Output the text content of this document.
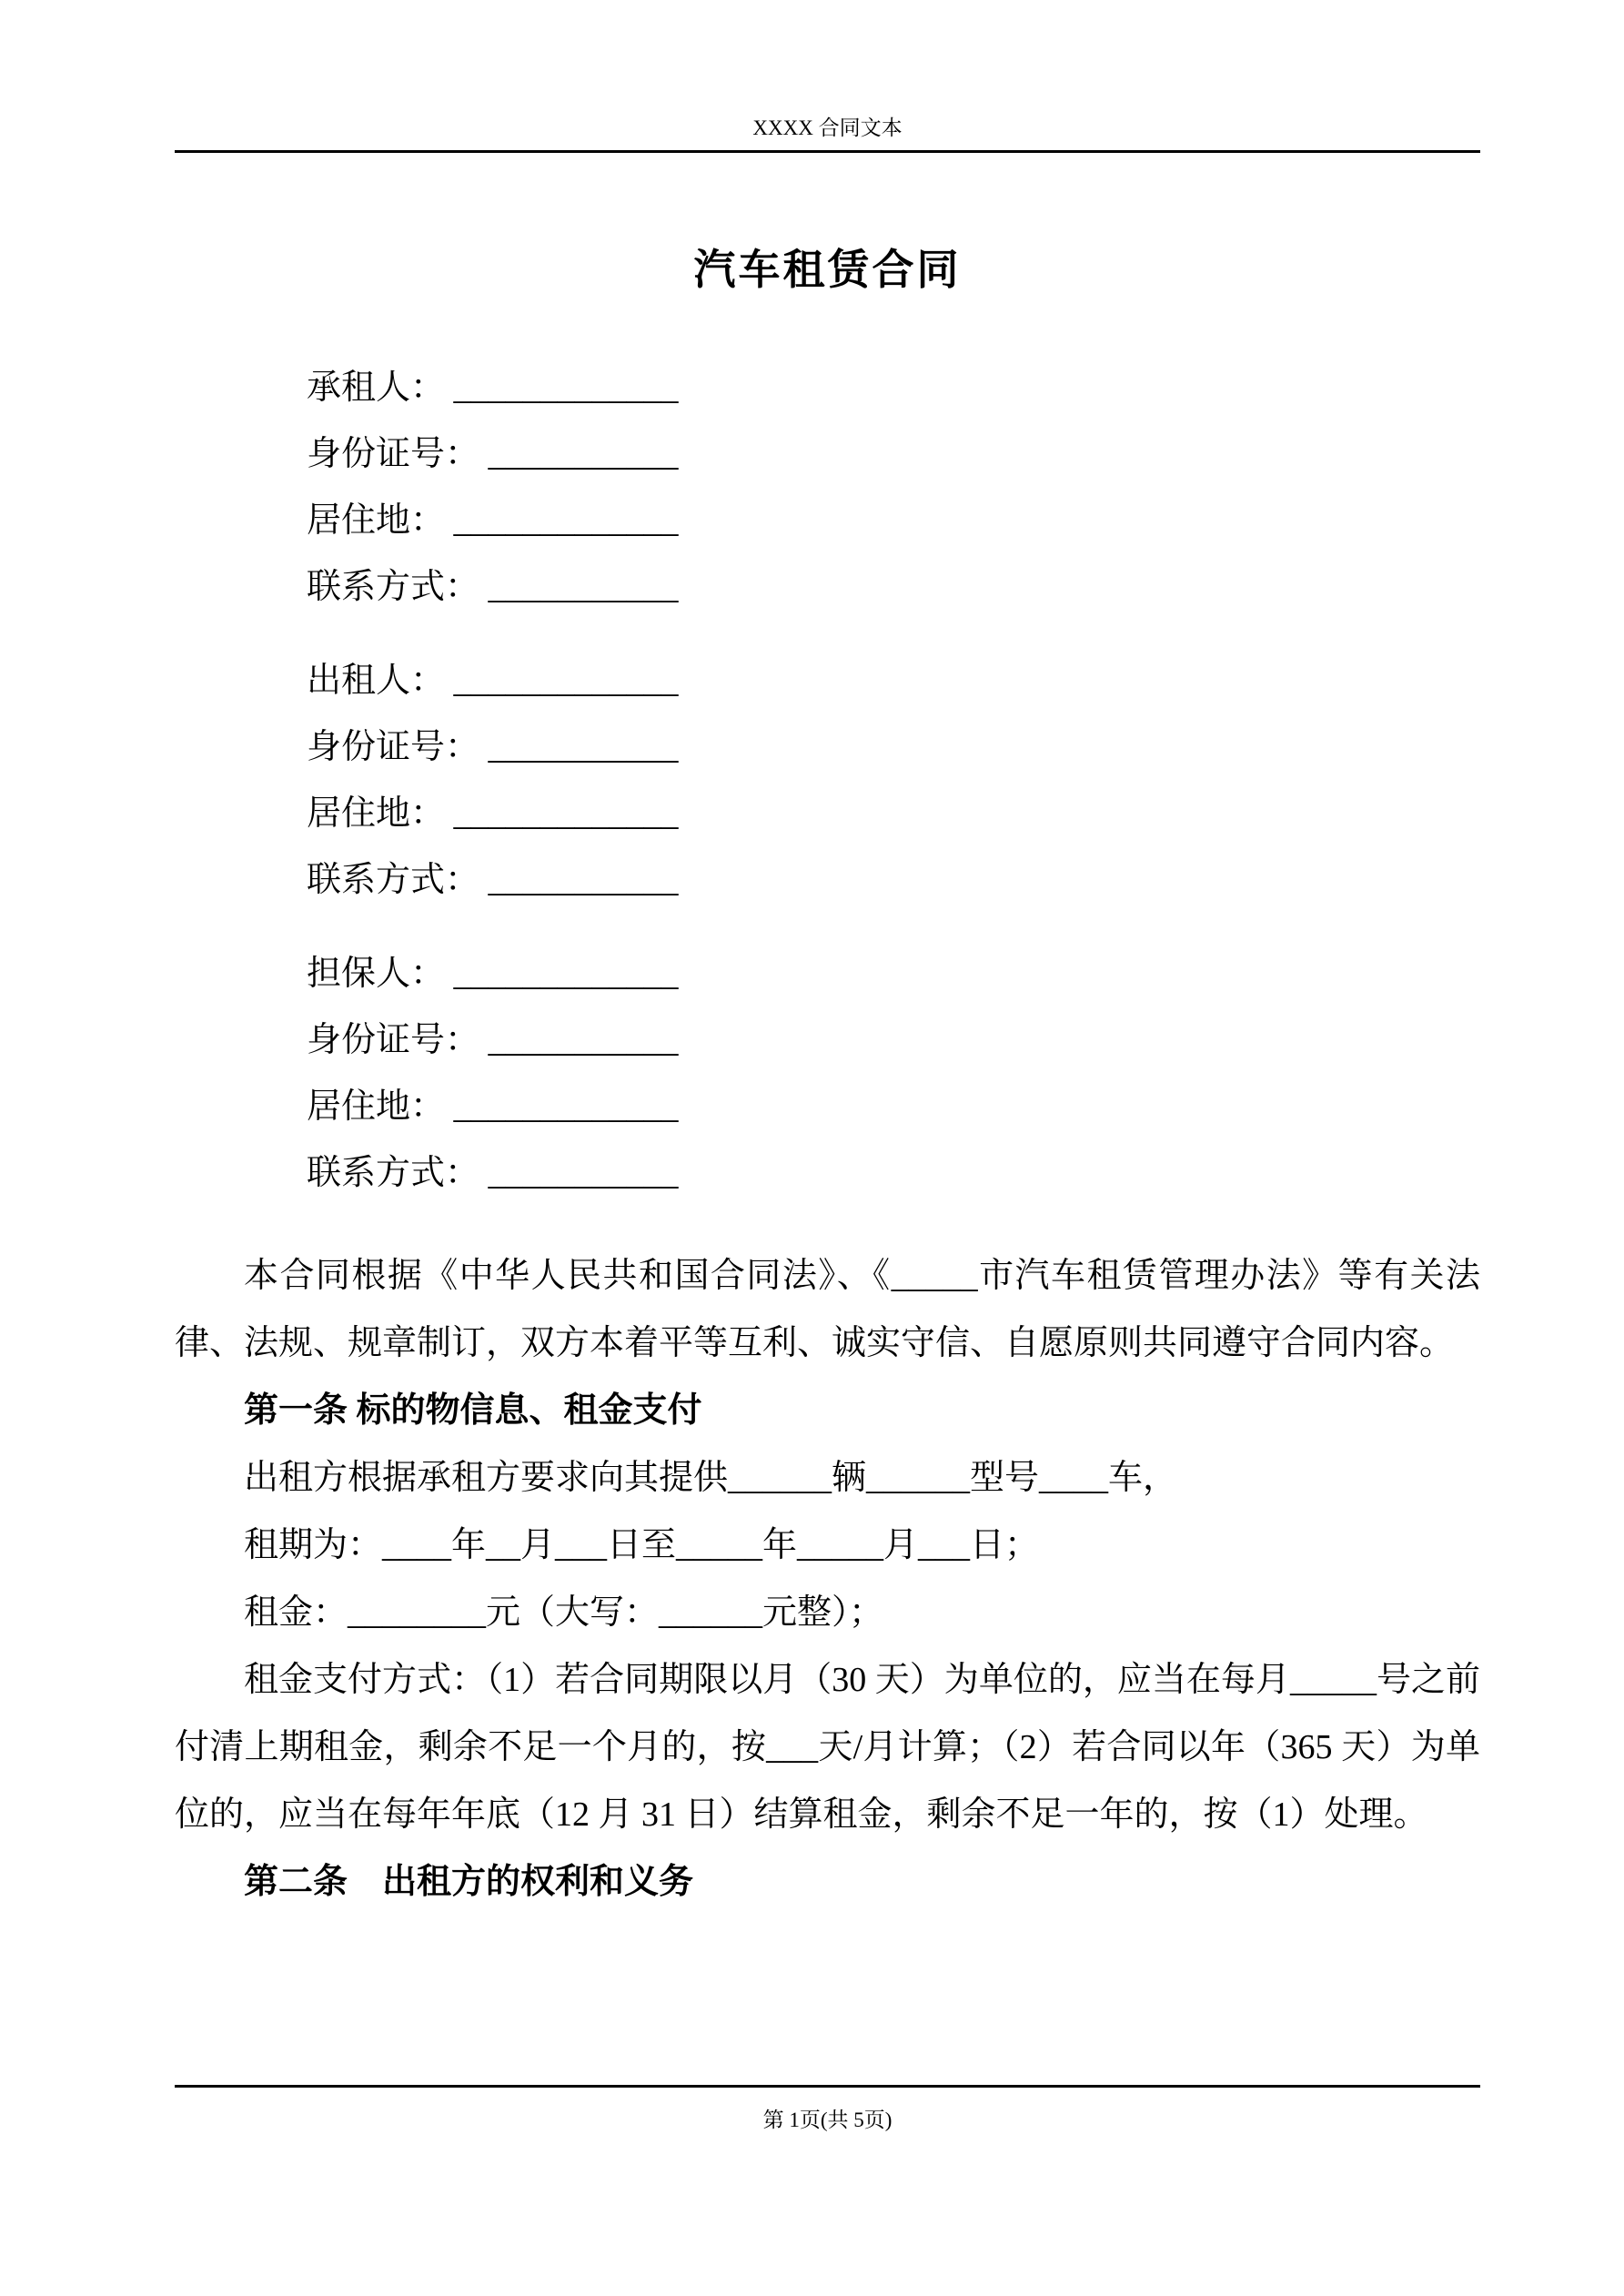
XXXX 合同文本
汽车租赁合同
承租人： _____________
身份证号： ___________
居住地： _____________
联系方式： ___________
出租人： _____________
身份证号： ___________
居住地： _____________
联系方式： ___________
担保人： _____________
身份证号： ___________
居住地： _____________
联系方式： ___________

本合同根据《中华人民共和国合同法》、《_____市汽车租赁管理办法》等有关法律、法规、规章制订，双方本着平等互利、诚实守信、自愿原则共同遵守合同内容。

第一条 标的物信息、租金支付

出租方根据承租方要求向其提供______辆______型号____车，
租期为：____年__月___日至_____年_____月___日；
租金：________元（大写：______元整）；

租金支付方式：（1）若合同期限以月（30 天）为单位的，应当在每月_____号之前付清上期租金，剩余不足一个月的，按___天/月计算；（2）若合同以年（365 天）为单位的，应当在每年年底（12 月 31 日）结算租金，剩余不足一年的，按（1）处理。

第二条　出租方的权利和义务

第 1页(共 5页)
